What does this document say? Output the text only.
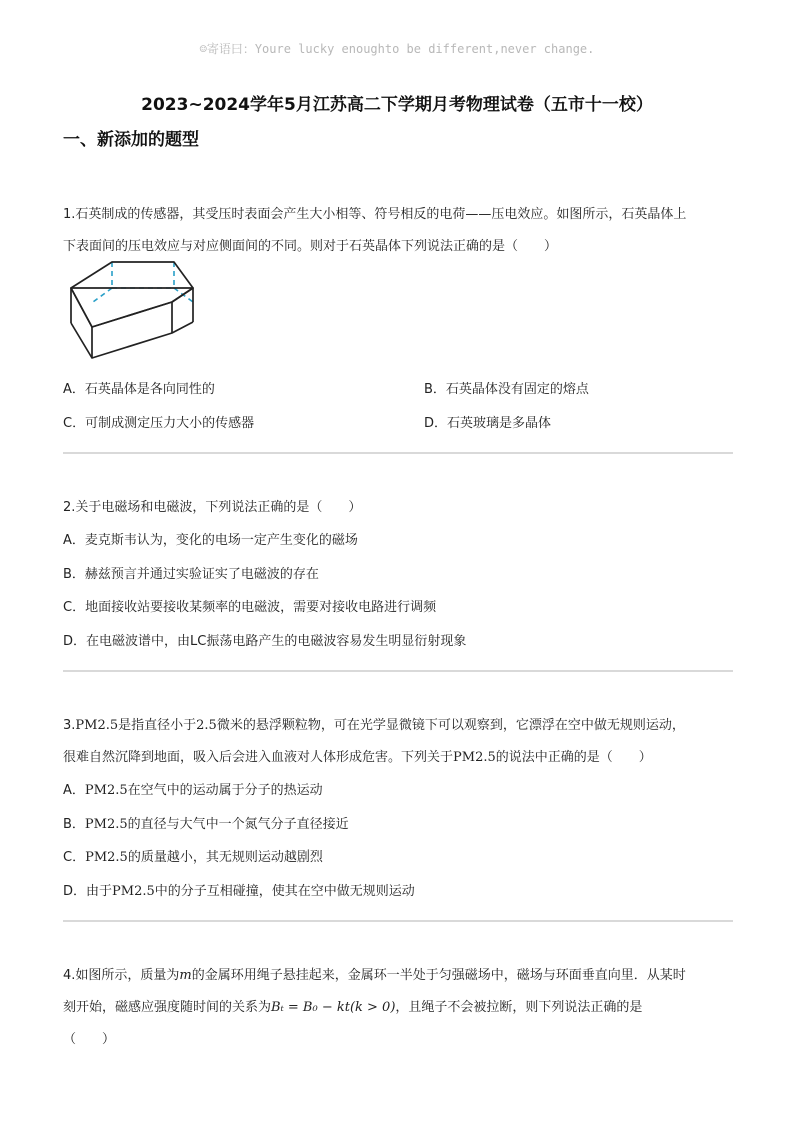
☺寄语曰：Youre lucky enoughto be different,never change.
2023~2024学年5月江苏高二下学期月考物理试卷（五市十一校）
一、新添加的题型
1.石英制成的传感器，其受压时表面会产生大小相等、符号相反的电荷——压电效应。如图所示，石英晶体上
下表面间的压电效应与对应侧面间的不同。则对于石英晶体下列说法正确的是（　　）
A．石英晶体是各向同性的	B．石英晶体没有固定的熔点
C．可制成测定压力大小的传感器	D．石英玻璃是多晶体
2.关于电磁场和电磁波，下列说法正确的是（　　）
A．麦克斯韦认为，变化的电场一定产生变化的磁场
B．赫兹预言并通过实验证实了电磁波的存在
C．地面接收站要接收某频率的电磁波，需要对接收电路进行调频
D．在电磁波谱中，由LC振荡电路产生的电磁波容易发生明显衍射现象
3.PM2.5是指直径小于2.5微米的悬浮颗粒物，可在光学显微镜下可以观察到，它漂浮在空中做无规则运动，
很难自然沉降到地面，吸入后会进入血液对人体形成危害。下列关于PM2.5的说法中正确的是（　　）
A．PM2.5在空气中的运动属于分子的热运动
B．PM2.5的直径与大气中一个氮气分子直径接近
C．PM2.5的质量越小，其无规则运动越剧烈
D．由于PM2.5中的分子互相碰撞，使其在空中做无规则运动
4.如图所示，质量为m的金属环用绳子悬挂起来，金属环一半处于匀强磁场中，磁场与环面垂直向里．从某时
刻开始，磁感应强度随时间的关系为Bₜ = B₀ − kt(k > 0)，且绳子不会被拉断，则下列说法正确的是
（　　）
